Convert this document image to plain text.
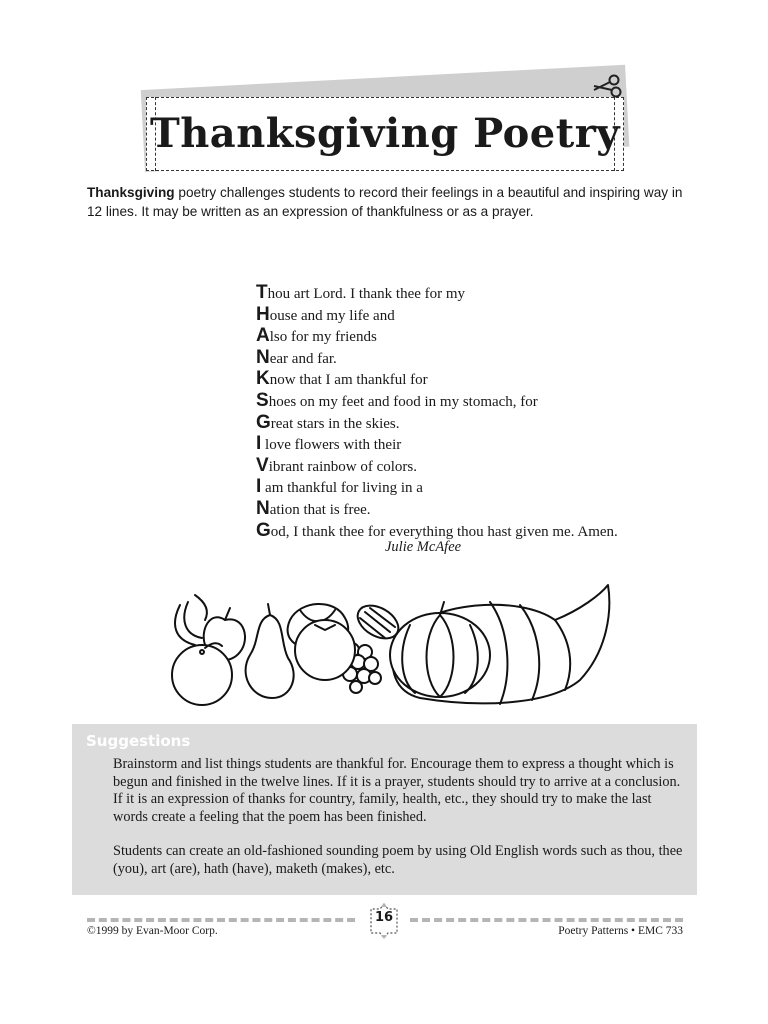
Thanksgiving Poetry
Thanksgiving poetry challenges students to record their feelings in a beautiful and inspiring way in 12 lines. It may be written as an expression of thankfulness or as a prayer.
Thou art Lord. I thank thee for my
House and my life and
Also for my friends
Near and far.
Know that I am thankful for
Shoes on my feet and food in my stomach, for
Great stars in the skies.
I love flowers with their
Vibrant rainbow of colors.
I am thankful for living in a
Nation that is free.
God, I thank thee for everything thou hast given me. Amen.
Julie McAfee
Suggestions

Brainstorm and list things students are thankful for. Encourage them to express a thought which is begun and finished in the twelve lines. If it is a prayer, students should try to arrive at a conclusion. If it is an expression of thanks for country, family, health, etc., they should try to make the last words create a feeling that the poem has been finished.

Students can create an old-fashioned sounding poem by using Old English words such as thou, thee (you), art (are), hath (have), maketh (makes), etc.

16
©1999 by Evan-Moor Corp.	Poetry Patterns • EMC 733
